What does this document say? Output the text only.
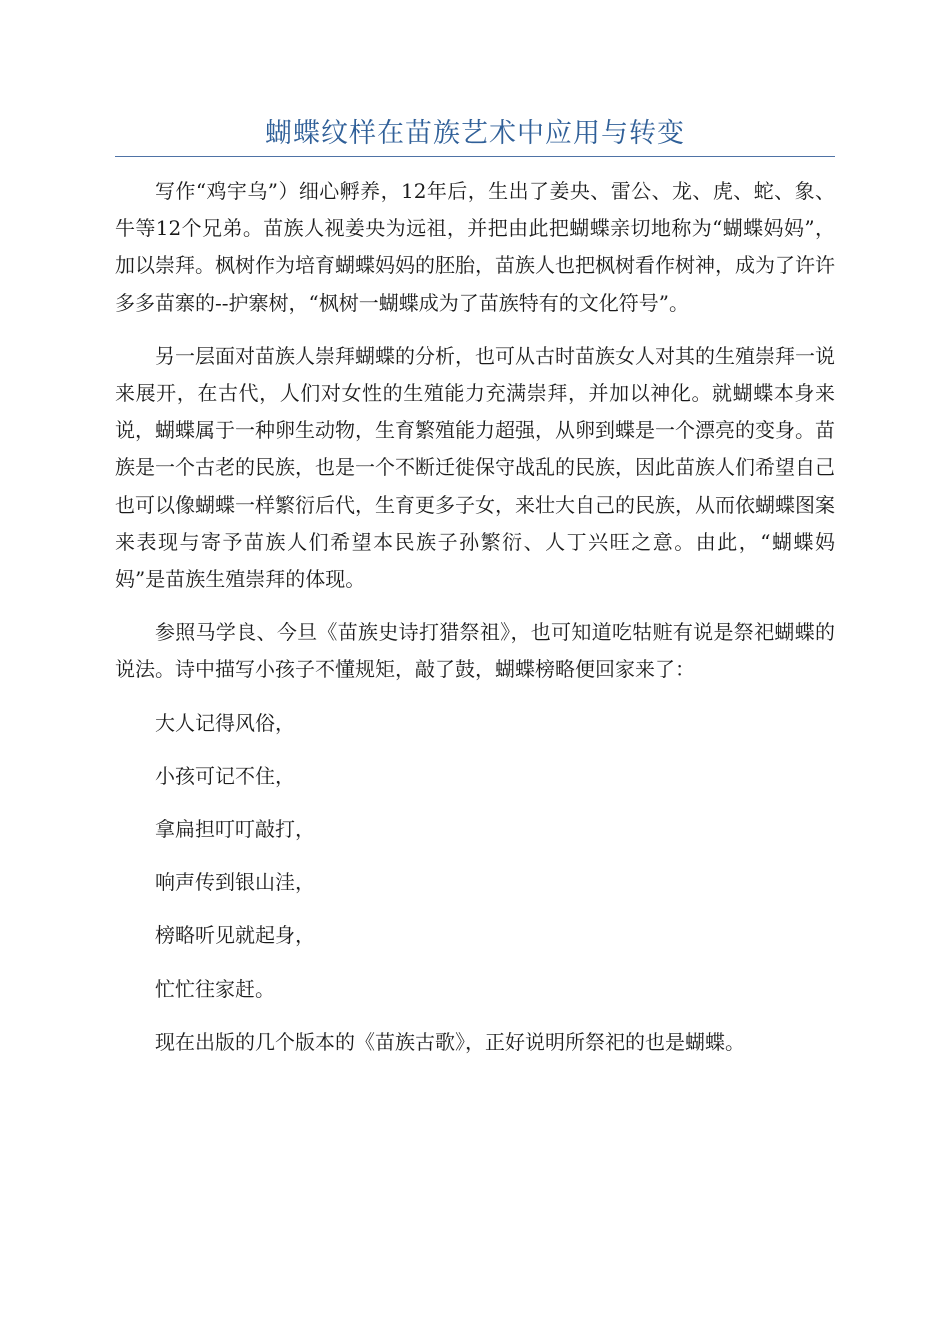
蝴蝶纹样在苗族艺术中应用与转变

写作“鸡宇乌”）细心孵养，12年后，生出了姜央、雷公、龙、虎、蛇、象、牛等12个兄弟。苗族人视姜央为远祖，并把由此把蝴蝶亲切地称为“蝴蝶妈妈”，加以崇拜。枫树作为培育蝴蝶妈妈的胚胎，苗族人也把枫树看作树神，成为了许许多多苗寨的--护寨树，“枫树一蝴蝶成为了苗族特有的文化符号”。

另一层面对苗族人崇拜蝴蝶的分析，也可从古时苗族女人对其的生殖崇拜一说来展开，在古代，人们对女性的生殖能力充满崇拜，并加以神化。就蝴蝶本身来说，蝴蝶属于一种卵生动物，生育繁殖能力超强，从卵到蝶是一个漂亮的变身。苗族是一个古老的民族，也是一个不断迁徙保守战乱的民族，因此苗族人们希望自己也可以像蝴蝶一样繁衍后代，生育更多子女，来壮大自己的民族，从而依蝴蝶图案来表现与寄予苗族人们希望本民族子孙繁衍、人丁兴旺之意。由此，“蝴蝶妈妈”是苗族生殖崇拜的体现。

参照马学良、今旦《苗族史诗打猎祭祖》，也可知道吃牯赃有说是祭祀蝴蝶的说法。诗中描写小孩子不懂规矩，敲了鼓，蝴蝶榜略便回家来了：

大人记得风俗，

小孩可记不住，

拿扁担叮叮敲打，

响声传到银山洼，

榜略听见就起身，

忙忙往家赶。

现在出版的几个版本的《苗族古歌》，正好说明所祭祀的也是蝴蝶。
